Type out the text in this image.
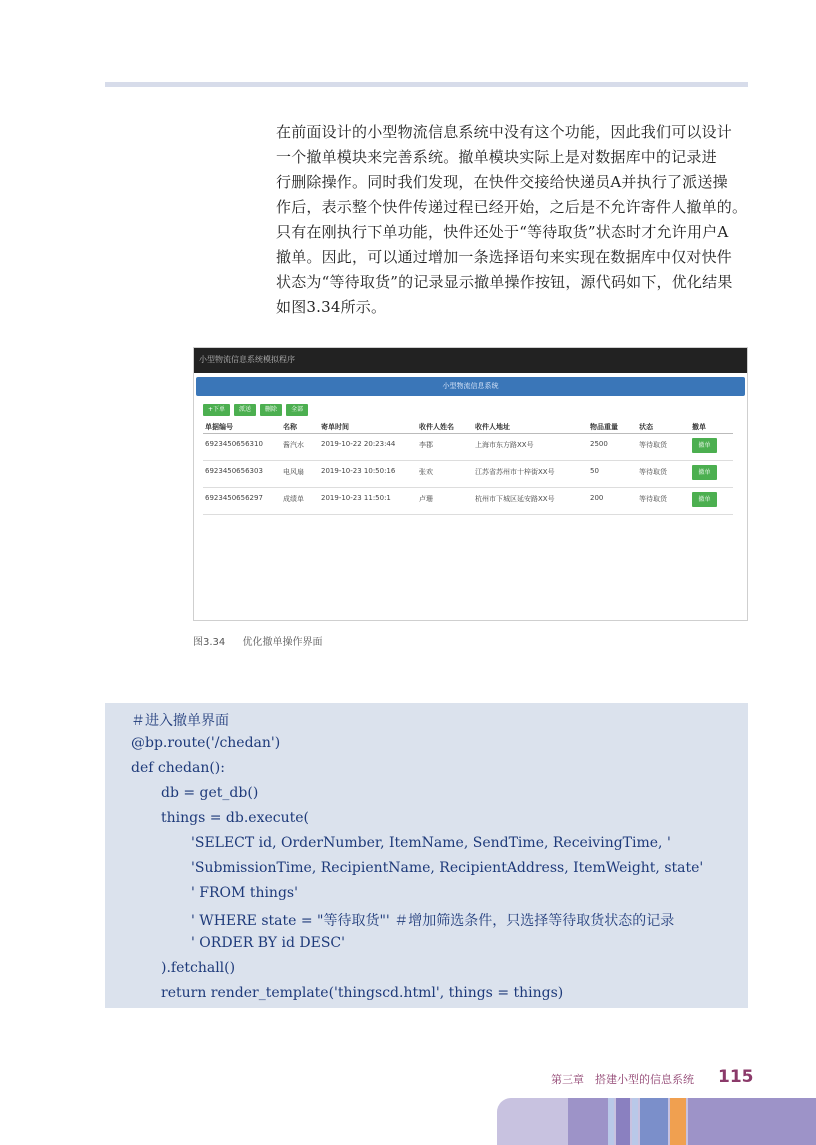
在前面设计的小型物流信息系统中没有这个功能，因此我们可以设计
一个撤单模块来完善系统。撤单模块实际上是对数据库中的记录进
行删除操作。同时我们发现，在快件交接给快递员A并执行了派送操
作后，表示整个快件传递过程已经开始，之后是不允许寄件人撤单的。
只有在刚执行下单功能，快件还处于“等待取货”状态时才允许用户A
撤单。因此，可以通过增加一条选择语句来实现在数据库中仅对快件
状态为“等待取货”的记录显示撤单操作按钮，源代码如下，优化结果
如图3.34所示。

小型物流信息系统模拟程序
小型物流信息系统
+下单	派送	删除	全部
单据编号	名称	寄单时间	收件人姓名	收件人地址	物品重量	状态	撤单
6923450656310	酱汽水 2019-10-22 20:23:44	李郡	上海市东方路XX号	2500	等待取货	撤单
6923450656303	电风扇 2019-10-23 10:50:16	张欢	江苏省苏州市十梓街XX号	50	等待取货	撤单
6923450656297	成绩单 2019-10-23 11:50:1	卢珊	杭州市下城区延安路XX号	200	等待取货	撤单
图3.34 优化撤单操作界面
＃进入撤单界面
@bp.route('/chedan')
def chedan():
db = get_db()
things = db.execute(
'SELECT id, OrderNumber, ItemName, SendTime, ReceivingTime, '
'SubmissionTime, RecipientName, RecipientAddress, ItemWeight, state'
' FROM things'
' WHERE state = "等待取货"' ＃增加筛选条件，只选择等待取货状态的记录
' ORDER BY id DESC'
).fetchall()
return render_template('thingscd.html', things = things)
第三章　搭建小型的信息系统 115
